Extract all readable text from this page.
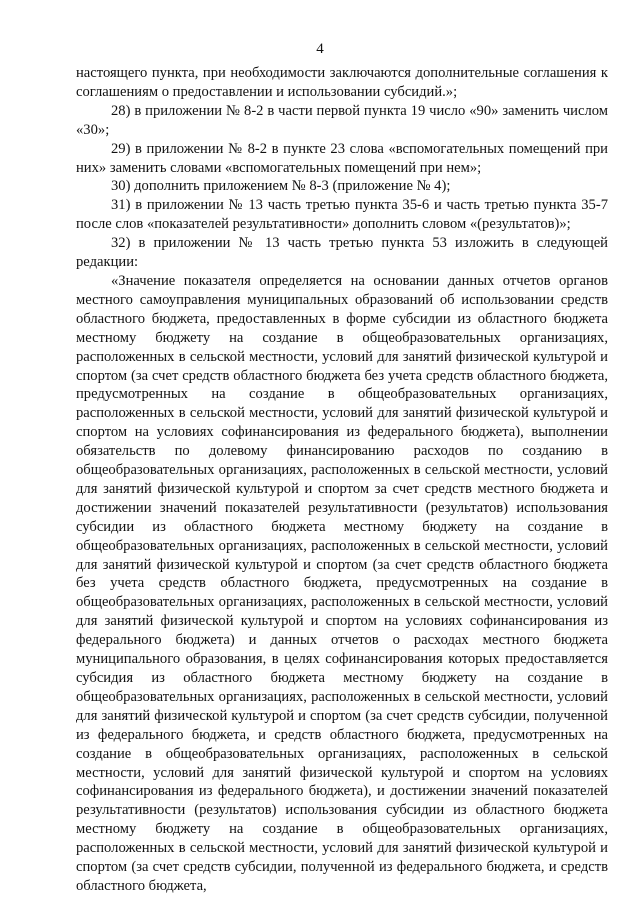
4

настоящего пункта, при необходимости заключаются дополнительные соглашения к соглашениям о предоставлении и использовании субсидий.»;

28) в приложении № 8-2 в части первой пункта 19 число «90» заменить числом «30»;

29) в приложении № 8-2 в пункте 23 слова «вспомогательных помещений при них» заменить словами «вспомогательных помещений при нем»;

30) дополнить приложением № 8-3 (приложение № 4);

31) в приложении № 13 часть третью пункта 35-6 и часть третью пункта 35-7 после слов «показателей результативности» дополнить словом «(результатов)»;

32) в приложении № 13 часть третью пункта 53 изложить в следующей редакции:

«Значение показателя определяется на основании данных отчетов органов местного самоуправления муниципальных образований об использовании средств областного бюджета, предоставленных в форме субсидии из областного бюджета местному бюджету на создание в общеобразовательных организациях, расположенных в сельской местности, условий для занятий физической культурой и спортом (за счет средств областного бюджета без учета средств областного бюджета, предусмотренных на создание в общеобразовательных организациях, расположенных в сельской местности, условий для занятий физической культурой и спортом на условиях софинансирования из федерального бюджета), выполнении обязательств по долевому финансированию расходов по созданию в общеобразовательных организациях, расположенных в сельской местности, условий для занятий физической культурой и спортом за счет средств местного бюджета и достижении значений показателей результативности (результатов) использования субсидии из областного бюджета местному бюджету на создание в общеобразовательных организациях, расположенных в сельской местности, условий для занятий физической культурой и спортом (за счет средств областного бюджета без учета средств областного бюджета, предусмотренных на создание в общеобразовательных организациях, расположенных в сельской местности, условий для занятий физической культурой и спортом на условиях софинансирования из федерального бюджета) и данных отчетов о расходах местного бюджета муниципального образования, в целях софинансирования которых предоставляется субсидия из областного бюджета местному бюджету на создание в общеобразовательных организациях, расположенных в сельской местности, условий для занятий физической культурой и спортом (за счет средств субсидии, полученной из федерального бюджета, и средств областного бюджета, предусмотренных на создание в общеобразовательных организациях, расположенных в сельской местности, условий для занятий физической культурой и спортом на условиях софинансирования из федерального бюджета), и достижении значений показателей результативности (результатов) использования субсидии из областного бюджета местному бюджету на создание в общеобразовательных организациях, расположенных в сельской местности, условий для занятий физической культурой и спортом (за счет средств субсидии, полученной из федерального бюджета, и средств областного бюджета,
